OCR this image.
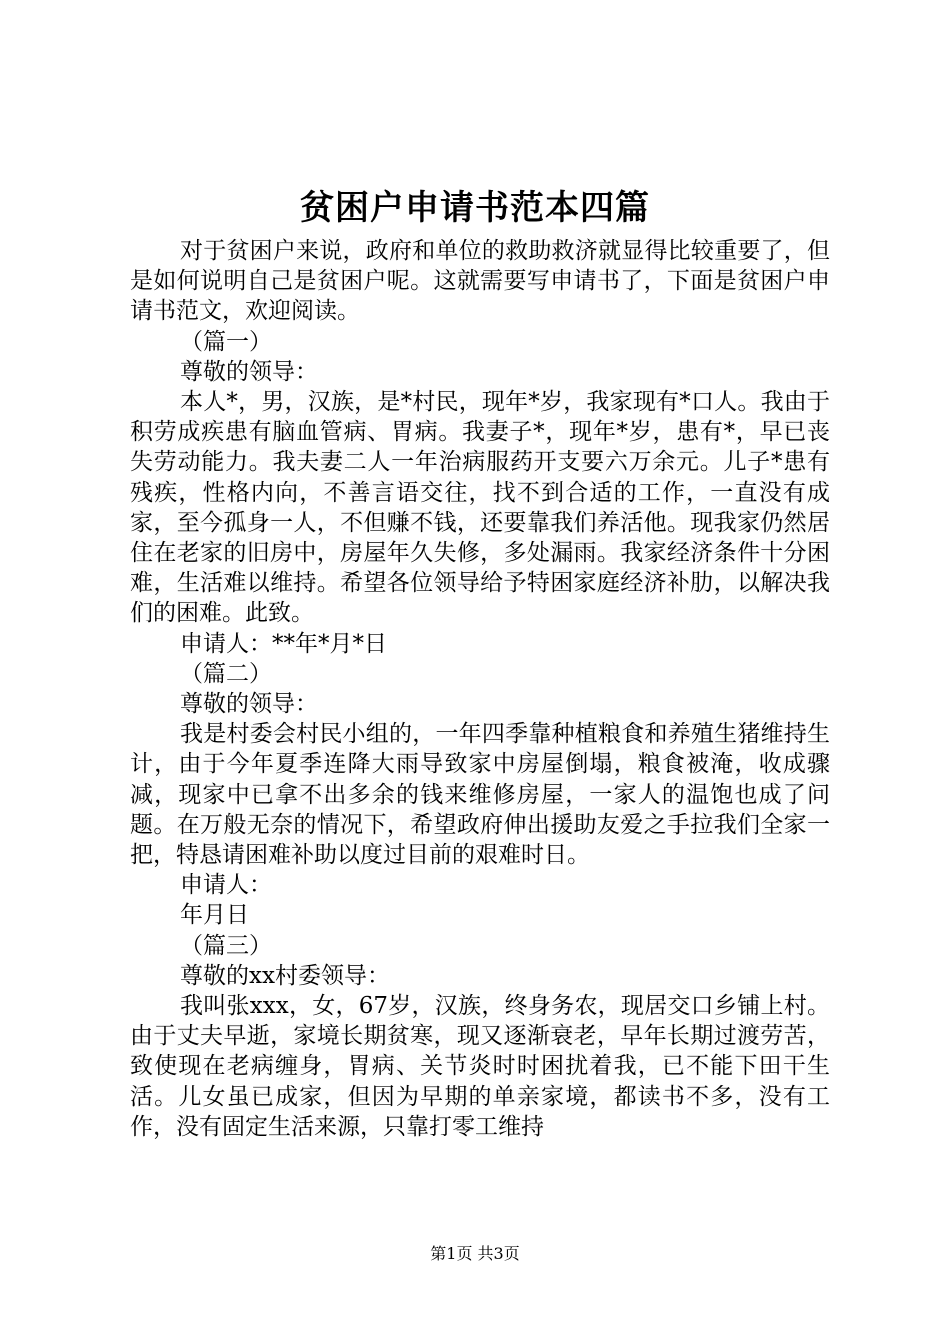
贫困户申请书范本四篇

对于贫困户来说，政府和单位的救助救济就显得比较重要了，但是如何说明自己是贫困户呢。这就需要写申请书了，下面是贫困户申请书范文，欢迎阅读。

（篇一）

尊敬的领导：

本人*，男，汉族，是*村民，现年*岁，我家现有*口人。我由于积劳成疾患有脑血管病、胃病。我妻子*，现年*岁，患有*，早已丧失劳动能力。我夫妻二人一年治病服药开支要六万余元。儿子*患有残疾，性格内向，不善言语交往，找不到合适的工作，一直没有成家，至今孤身一人，不但赚不钱，还要靠我们养活他。现我家仍然居住在老家的旧房中，房屋年久失修，多处漏雨。我家经济条件十分困难，生活难以维持。希望各位领导给予特困家庭经济补肋，以解决我们的困难。此致。

申请人：**年*月*日

（篇二）

尊敬的领导：

我是村委会村民小组的，一年四季靠种植粮食和养殖生猪维持生计，由于今年夏季连降大雨导致家中房屋倒塌，粮食被淹，收成骤减，现家中已拿不出多余的钱来维修房屋，一家人的温饱也成了问题。在万般无奈的情况下，希望政府伸出援助友爱之手拉我们全家一把，特恳请困难补助以度过目前的艰难时日。

申请人：

年月日

（篇三）

尊敬的xx村委领导：

我叫张xxx，女，67岁，汉族，终身务农，现居交口乡铺上村。由于丈夫早逝，家境长期贫寒，现又逐渐衰老，早年长期过渡劳苦，致使现在老病缠身，胃病、关节炎时时困扰着我，已不能下田干生活。儿女虽已成家，但因为早期的单亲家境，都读书不多，没有工作，没有固定生活来源，只靠打零工维持

第1页 共3页
